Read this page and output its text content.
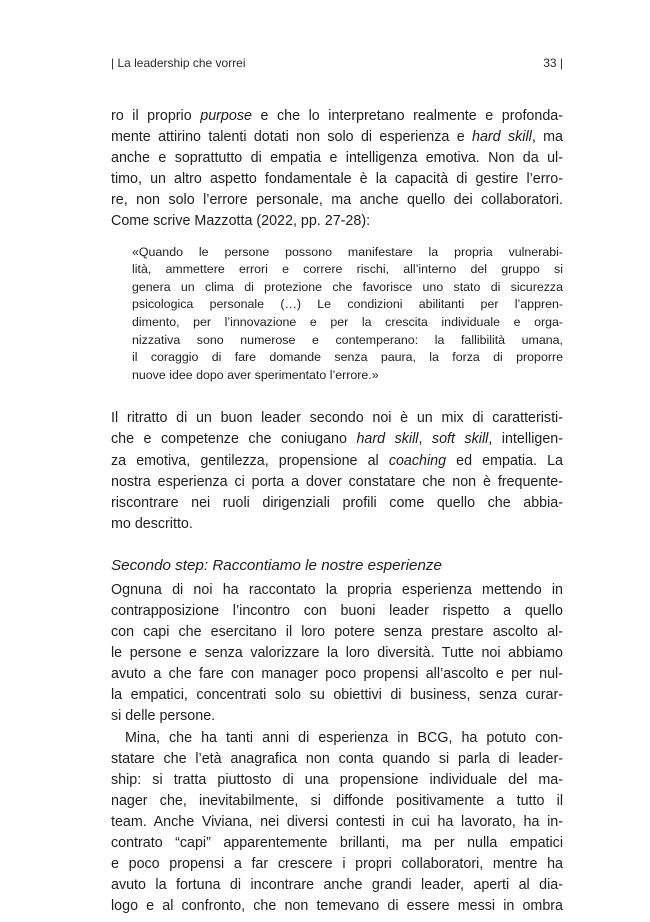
| La leadership che vorrei	33 |
ro il proprio purpose e che lo interpretano realmente e profonda-
mente attirino talenti dotati non solo di esperienza e hard skill, ma
anche e soprattutto di empatia e intelligenza emotiva. Non da ul-
timo, un altro aspetto fondamentale è la capacità di gestire l’erro-
re, non solo l’errore personale, ma anche quello dei collaboratori.
Come scrive Mazzotta (2022, pp. 27-28):
«Quando le persone possono manifestare la propria vulnerabi-
lità, ammettere errori e correre rischi, all’interno del gruppo si
genera un clima di protezione che favorisce uno stato di sicurezza
psicologica personale (…) Le condizioni abilitanti per l’appren-
dimento, per l’innovazione e per la crescita individuale e orga-
nizzativa sono numerose e contemperano: la fallibilità umana,
il coraggio di fare domande senza paura, la forza di proporre
nuove idee dopo aver sperimentato l’errore.»
Il ritratto di un buon leader secondo noi è un mix di caratteristi-
che e competenze che coniugano hard skill, soft skill, intelligen-
za emotiva, gentilezza, propensione al coaching ed empatia. La
nostra esperienza ci porta a dover constatare che non è frequente-
riscontrare nei ruoli dirigenziali profili come quello che abbia-
mo descritto.
Secondo step: Raccontiamo le nostre esperienze
Ognuna di noi ha raccontato la propria esperienza mettendo in
contrapposizione l’incontro con buoni leader rispetto a quello
con capi che esercitano il loro potere senza prestare ascolto al-
le persone e senza valorizzare la loro diversità. Tutte noi abbiamo
avuto a che fare con manager poco propensi all’ascolto e per nul-
la empatici, concentrati solo su obiettivi di business, senza curar-
si delle persone.
Mina, che ha tanti anni di esperienza in BCG, ha potuto con-
statare che l’età anagrafica non conta quando si parla di leader-
ship: si tratta piuttosto di una propensione individuale del ma-
nager che, inevitabilmente, si diffonde positivamente a tutto il
team. Anche Viviana, nei diversi contesti in cui ha lavorato, ha in-
contrato “capi” apparentemente brillanti, ma per nulla empatici
e poco propensi a far crescere i propri collaboratori, mentre ha
avuto la fortuna di incontrare anche grandi leader, aperti al dia-
logo e al confronto, che non temevano di essere messi in ombra
